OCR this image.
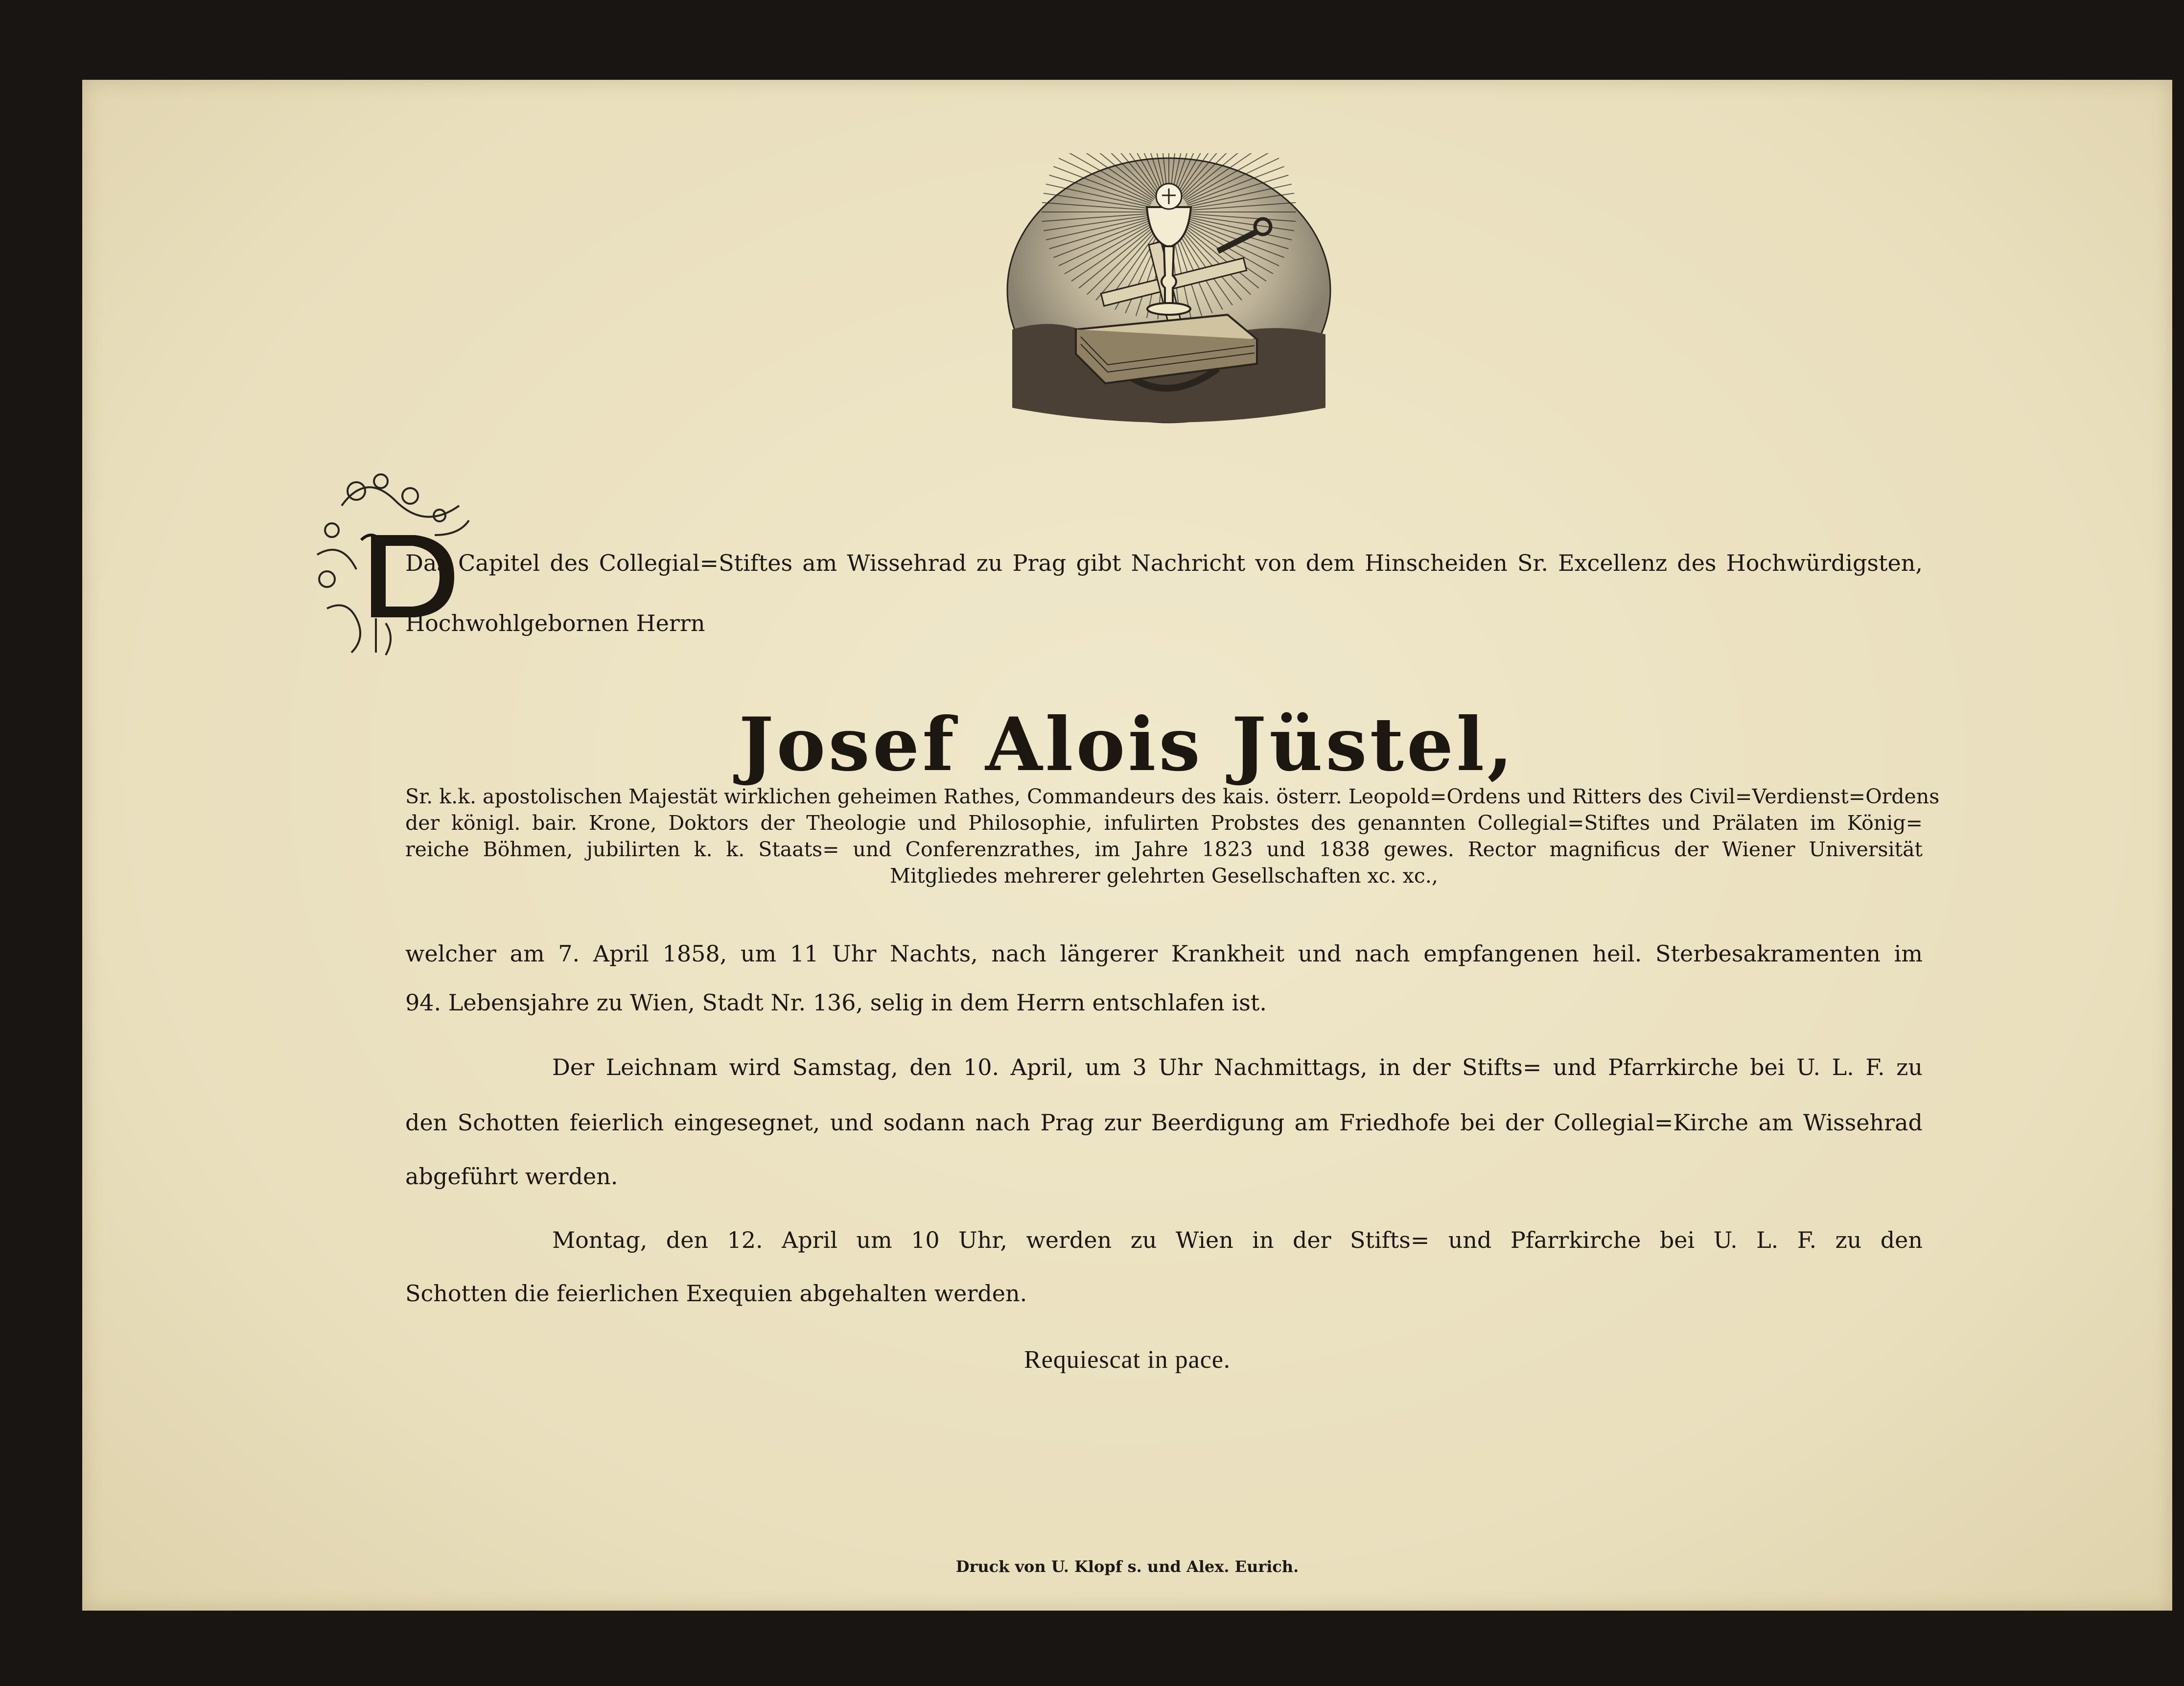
Das Capitel des Collegial=Stiftes am Wissehrad zu Prag gibt Nachricht von dem Hinscheiden Sr. Excellenz des Hochwürdigsten,
Hochwohlgebornen Herrn
Josef Alois Jüstel,
Sr. k.k. apostolischen Majestät wirklichen geheimen Rathes, Commandeurs des kais. österr. Leopold=Ordens und Ritters des Civil=Verdienst=Ordens
der königl. bair. Krone, Doktors der Theologie und Philosophie, infulirten Probstes des genannten Collegial=Stiftes und Prälaten im König=
reiche Böhmen, jubilirten k. k. Staats= und Conferenzrathes, im Jahre 1823 und 1838 gewes. Rector magnificus der Wiener Universität
Mitgliedes mehrerer gelehrten Gesellschaften xc. xc.,
welcher am 7. April 1858, um 11 Uhr Nachts, nach längerer Krankheit und nach empfangenen heil. Sterbesakramenten im
94. Lebensjahre zu Wien, Stadt Nr. 136, selig in dem Herrn entschlafen ist.
Der Leichnam wird Samstag, den 10. April, um 3 Uhr Nachmittags, in der Stifts= und Pfarrkirche bei U. L. F. zu
den Schotten feierlich eingesegnet, und sodann nach Prag zur Beerdigung am Friedhofe bei der Collegial=Kirche am Wissehrad
abgeführt werden.
Montag, den 12. April um 10 Uhr, werden zu Wien in der Stifts= und Pfarrkirche bei U. L. F. zu den
Schotten die feierlichen Exequien abgehalten werden.
Requiescat in pace.
Druck von U. Klopf s. und Alex. Eurich.
